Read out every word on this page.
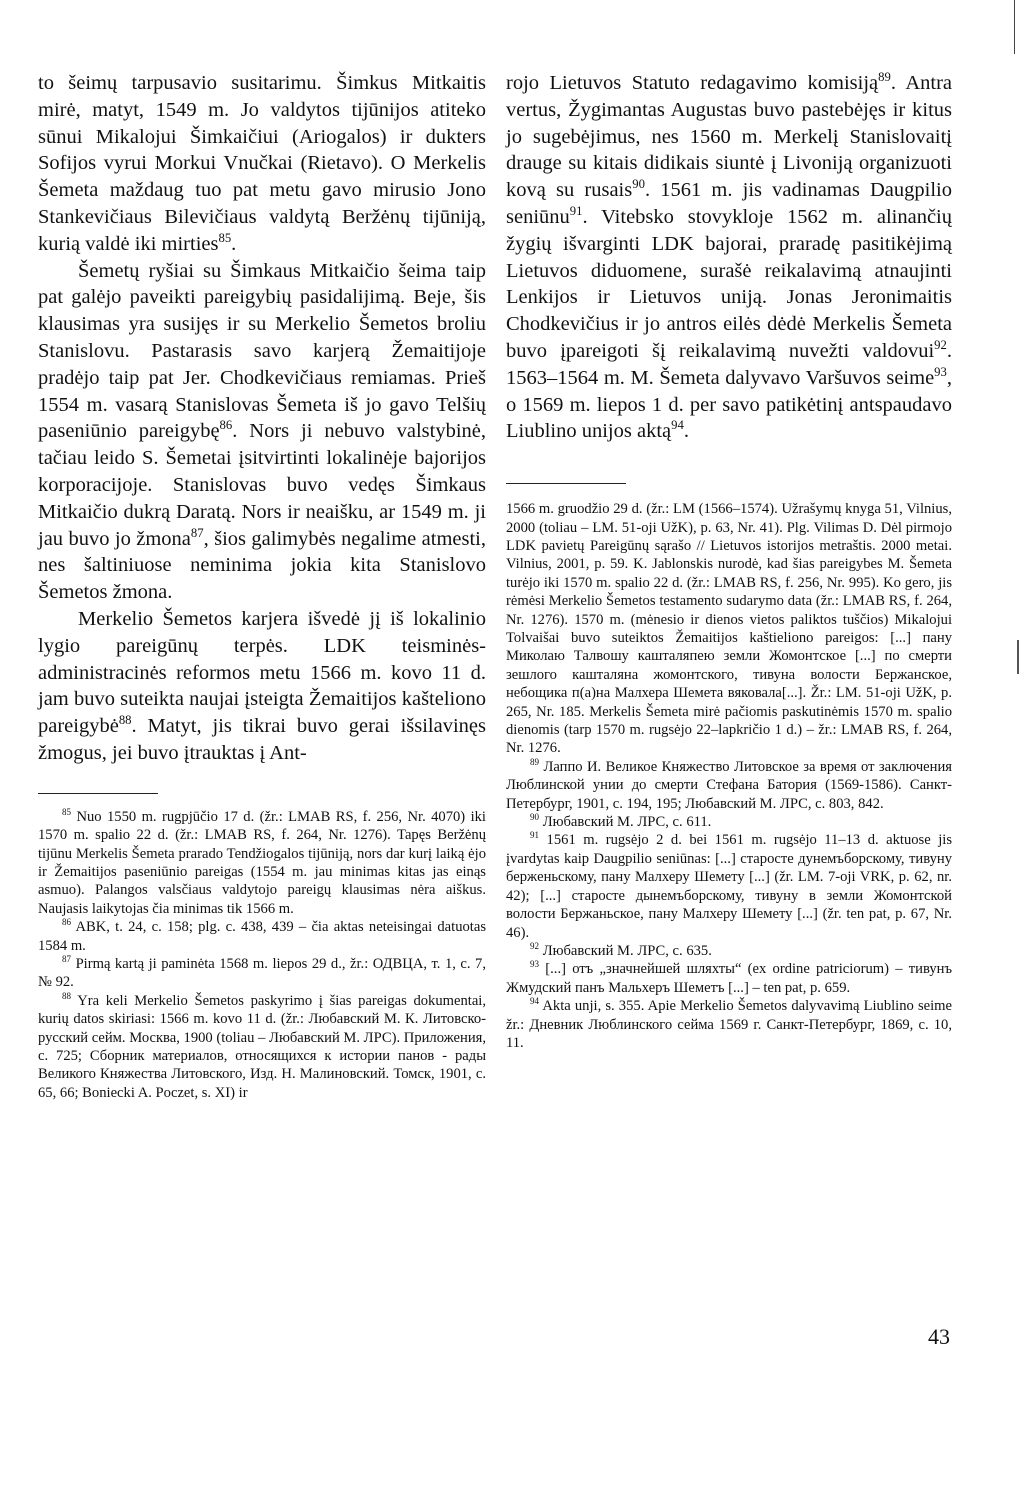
to šeimų tarpusavio susitarimu. Šimkus Mitkaitis mirė, matyt, 1549 m. Jo valdytos tijūnijos atiteko sūnui Mikalojui Šimkaičiui (Ariogalos) ir dukters Sofijos vyrui Morkui Vnučkai (Rietavo). O Merkelis Šemeta maždaug tuo pat metu gavo mirusio Jono Stankevičiaus Bilevičiaus valdytą Beržėnų tijūniją, kurią valdė iki mirties$^{85}$.

Šemetų ryšiai su Šimkaus Mitkaičio šeima taip pat galėjo paveikti pareigybių pasidalijimą. Beje, šis klausimas yra susijęs ir su Merkelio Šemetos broliu Stanislovu. Pastarasis savo karjerą Žemaitijoje pradėjo taip pat Jer. Chodkevičiaus remiamas. Prieš 1554 m. vasarą Stanislovas Šemeta iš jo gavo Telšių paseniūnio pareigybę$^{86}$. Nors ji nebuvo valstybinė, tačiau leido S. Šemetai įsitvirtinti lokalinėje bajorijos korporacijoje. Stanislovas buvo vedęs Šimkaus Mitkaičio dukrą Daratą. Nors ir neaišku, ar 1549 m. ji jau buvo jo žmona$^{87}$, šios galimybės negalime atmesti, nes šaltiniuose neminima jokia kita Stanislovo Šemetos žmona.

Merkelio Šemetos karjera išvedė jį iš lokalinio lygio pareigūnų terpės. LDK teisminės-administracinės reformos metu 1566 m. kovo 11 d. jam buvo suteikta naujai įsteigta Žemaitijos kašteliono pareigybė$^{88}$. Matyt, jis tikrai buvo gerai išsilavinęs žmogus, jei buvo įtrauktas į Ant-

$^{85}$ Nuo 1550 m. rugpjūčio 17 d. (žr.: LMAB RS, f. 256, Nr. 4070) iki 1570 m. spalio 22 d. (žr.: LMAB RS, f. 264, Nr. 1276). Tapęs Beržėnų tijūnu Merkelis Šemeta prarado Tendžiogalos tijūniją, nors dar kurį laiką ėjo ir Žemaitijos paseniūnio pareigas (1554 m. jau minimas kitas jas einąs asmuo). Palangos valsčiaus valdytojo pareigų klausimas nėra aiškus. Naujasis laikytojas čia minimas tik 1566 m.

$^{86}$ ABK, t. 24, c. 158; plg. c. 438, 439 – čia aktas neteisingai datuotas 1584 m.

$^{87}$ Pirmą kartą ji paminėta 1568 m. liepos 29 d., žr.: ОДВЦА, т. 1, с. 7, № 92.

$^{88}$ Yra keli Merkelio Šemetos paskyrimo į šias pareigas dokumentai, kurių datos skiriasi: 1566 m. kovo 11 d. (žr.: Любавский М. К. Литовско-русский сейм. Москва, 1900 (toliau – Любавский М. ЛРС). Приложения, с. 725; Сборник материалов, относящихся к истории панов - рады Великого Княжества Литовского, Изд. Н. Малиновский. Томск, 1901, с. 65, 66; Boniecki A. Poczet, s. XI) ir

rojo Lietuvos Statuto redagavimo komisiją$^{89}$. Antra vertus, Žygimantas Augustas buvo pastebėjęs ir kitus jo sugebėjimus, nes 1560 m. Merkelį Stanislovaitį drauge su kitais didikais siuntė į Livoniją organizuoti kovą su rusais$^{90}$. 1561 m. jis vadinamas Daugpilio seniūnu$^{91}$. Vitebsko stovykloje 1562 m. alinančių žygių išvarginti LDK bajorai, praradę pasitikėjimą Lietuvos diduomene, surašė reikalavimą atnaujinti Lenkijos ir Lietuvos uniją. Jonas Jeronimaitis Chodkevičius ir jo antros eilės dėdė Merkelis Šemeta buvo įpareigoti šį reikalavimą nuvežti valdovui$^{92}$. 1563–1564 m. M. Šemeta dalyvavo Varšuvos seime$^{93}$, o 1569 m. liepos 1 d. per savo patikėtinį antspaudavo Liublino unijos aktą$^{94}$.

1566 m. gruodžio 29 d. (žr.: LM (1566–1574). Užrašymų knyga 51, Vilnius, 2000 (toliau – LM. 51-oji UžK), p. 63, Nr. 41). Plg. Vilimas D. Dėl pirmojo LDK pavietų Pareigūnų sąrašo // Lietuvos istorijos metraštis. 2000 metai. Vilnius, 2001, p. 59. K. Jablonskis nurodė, kad šias pareigybes M. Šemeta turėjo iki 1570 m. spalio 22 d. (žr.: LMAB RS, f. 256, Nr. 995). Ko gero, jis rėmėsi Merkelio Šemetos testamento sudarymo data (žr.: LMAB RS, f. 264, Nr. 1276). 1570 m. (mėnesio ir dienos vietos paliktos tuščios) Mikalojui Tolvaišai buvo suteiktos Žemaitijos kaštieliono pareigos: [...] пану Миколаю Талвошу кашталяпею земли Жомонтское [...] по смерти зешлого кашталяна жомонтского, тивуна волости Бержанское, небощика п(а)на Малхера Шемета вяковала[...]. Žr.: LM. 51-oji UžK, p. 265, Nr. 185. Merkelis Šemeta mirė pačiomis paskutinėmis 1570 m. spalio dienomis (tarp 1570 m. rugsėjo 22–lapkričio 1 d.) – žr.: LMAB RS, f. 264, Nr. 1276.

$^{89}$ Лаппо И. Великое Княжество Литовское за время от заключения Люблинской унии до смерти Стефана Батория (1569-1586). Санкт-Петербург, 1901, с. 194, 195; Любавский М. ЛРС, с. 803, 842.

$^{90}$ Любавский М. ЛРС, с. 611.

$^{91}$ 1561 m. rugsėjo 2 d. bei 1561 m. rugsėjo 11–13 d. aktuose jis įvardytas kaip Daugpilio seniūnas: [...] староcте дунемъборскому, тивуну бержeньскому, пану Малхеру Шемету [...] (žr. LM. 7-oji VRK, p. 62, nr. 42); [...] староcте дынемъборскому, тивуну в земли Жомонтской волости Бержаньское, пану Малхеру Шемету [...] (žr. ten pat, p. 67, Nr. 46).

$^{92}$ Любавский М. ЛРС, с. 635.

$^{93}$ [...] отъ „значнейшей шляхты“ (ex ordine patriciorum) – тивунъ Жмудский панъ Мальхеръ Шеметъ [...] – ten pat, p. 659.

$^{94}$ Akta unji, s. 355. Apie Merkelio Šemetos dalyvavimą Liublino seime žr.: Дневник Люблинского сейма 1569 г. Санкт-Петербург, 1869, с. 10, 11.

43
